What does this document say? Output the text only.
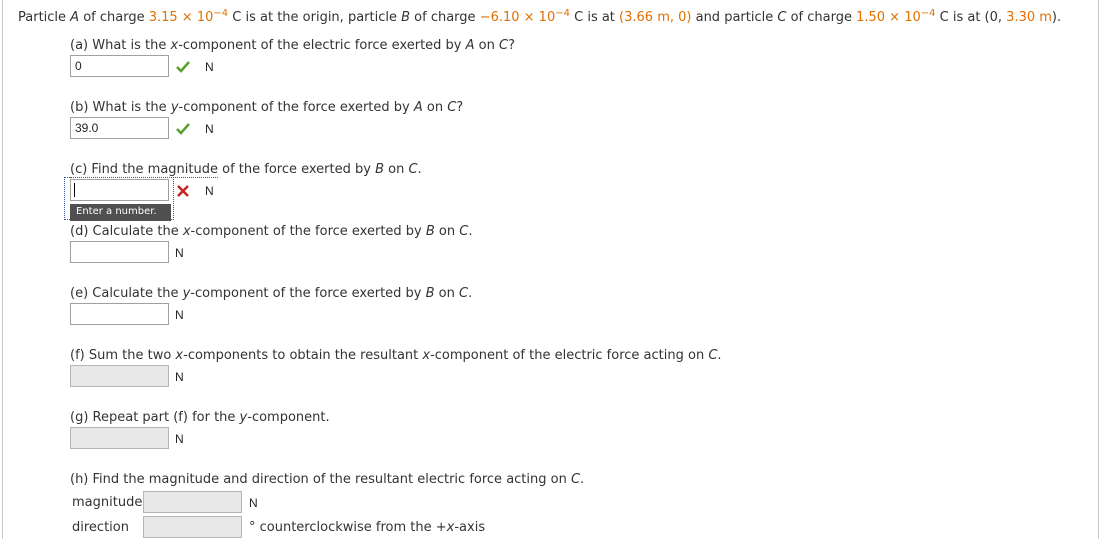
Particle A of charge $3.15 \times 10^{-4}$ C is at the origin, particle B of charge $-6.10 \times 10^{-4}$ C is at (3.66 m, 0) and particle C of charge $1.50 \times 10^{-4}$ C is at (0, 3.30 m).
(a) What is the x-component of the electric force exerted by A on C?
0
N
(b) What is the y-component of the force exerted by A on C?
39.0
N
(c) Find the magnitude of the force exerted by B on C.
N
Enter a number.
(d) Calculate the x-component of the force exerted by B on C.
N
(e) Calculate the y-component of the force exerted by B on C.
N
(f) Sum the two x-components to obtain the resultant x-component of the electric force acting on C.
N
(g) Repeat part (f) for the y-component.
N
(h) Find the magnitude and direction of the resultant electric force acting on C.
magnitude	N
direction	° counterclockwise from the +x-axis
